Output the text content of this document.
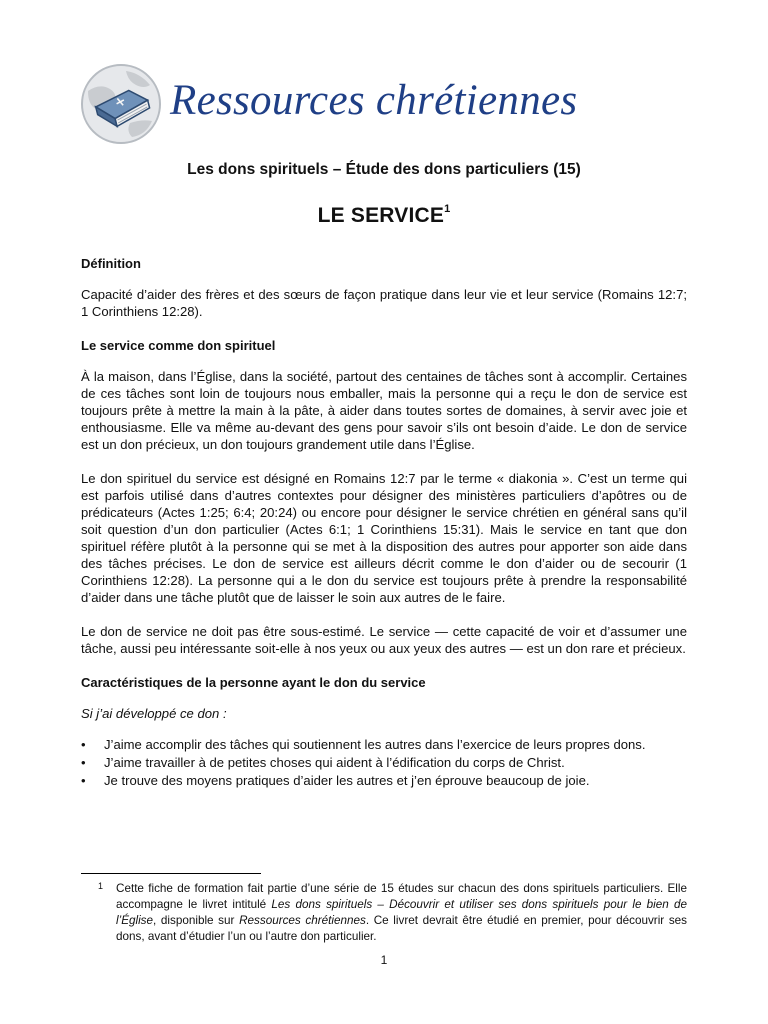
Ressources chrétiennes
Les dons spirituels – Étude des dons particuliers (15)
LE SERVICE$^1$
Définition

Capacité d’aider des frères et des sœurs de façon pratique dans leur vie et leur service (Romains 12:7; 1 Corinthiens 12:28).

Le service comme don spirituel

À la maison, dans l’Église, dans la société, partout des centaines de tâches sont à accomplir. Certaines de ces tâches sont loin de toujours nous emballer, mais la personne qui a reçu le don de service est toujours prête à mettre la main à la pâte, à aider dans toutes sortes de domaines, à servir avec joie et enthousiasme. Elle va même au-devant des gens pour savoir s’ils ont besoin d’aide. Le don de service est un don précieux, un don toujours grandement utile dans l’Église.

Le don spirituel du service est désigné en Romains 12:7 par le terme « diakonia ». C’est un terme qui est parfois utilisé dans d’autres contextes pour désigner des ministères particuliers d’apôtres ou de prédicateurs (Actes 1:25; 6:4; 20:24) ou encore pour désigner le service chrétien en général sans qu’il soit question d’un don particulier (Actes 6:1; 1 Corinthiens 15:31). Mais le service en tant que don spirituel réfère plutôt à la personne qui se met à la disposition des autres pour apporter son aide dans des tâches précises. Le don de service est ailleurs décrit comme le don d’aider ou de secourir (1 Corinthiens 12:28). La personne qui a le don du service est toujours prête à prendre la responsabilité d’aider dans une tâche plutôt que de laisser le soin aux autres de le faire.

Le don de service ne doit pas être sous-estimé. Le service — cette capacité de voir et d’assumer une tâche, aussi peu intéressante soit-elle à nos yeux ou aux yeux des autres — est un don rare et précieux.

Caractéristiques de la personne ayant le don du service

Si j’ai développé ce don :

• J’aime accomplir des tâches qui soutiennent les autres dans l’exercice de leurs propres dons.
• J’aime travailler à de petites choses qui aident à l’édification du corps de Christ.
• Je trouve des moyens pratiques d’aider les autres et j’en éprouve beaucoup de joie.
1 Cette fiche de formation fait partie d’une série de 15 études sur chacun des dons spirituels particuliers. Elle accompagne le livret intitulé Les dons spirituels – Découvrir et utiliser ses dons spirituels pour le bien de l’Église, disponible sur Ressources chrétiennes. Ce livret devrait être étudié en premier, pour découvrir ses dons, avant d’étudier l’un ou l’autre don particulier.
1
